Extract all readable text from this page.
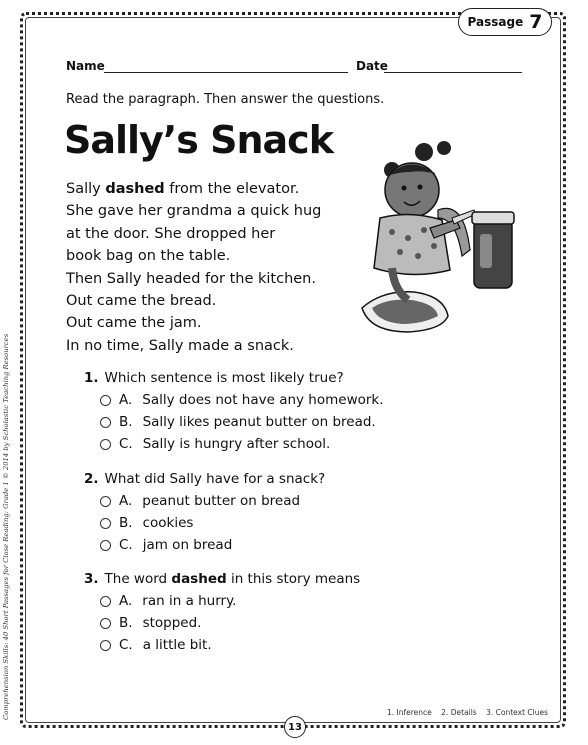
Passage 7
Name	Date
Read the paragraph. Then answer the questions.
Sally’s Snack
Sally dashed from the elevator.
She gave her grandma a quick hug
at the door. She dropped her
book bag on the table.
Then Sally headed for the kitchen.
Out came the bread.
Out came the jam.
In no time, Sally made a snack.
1. Which sentence is most likely true?
A. Sally does not have any homework.
B. Sally likes peanut butter on bread.
C. Sally is hungry after school.
2. What did Sally have for a snack?
A. peanut butter on bread
B. cookies
C. jam on bread
3. The word dashed in this story means
A. ran in a hurry.
B. stopped.
C. a little bit.
Comprehension Skills: 40 Short Passages for Close Reading: Grade 1 © 2014 by Scholastic Teaching Resources	1. Inference 2. Details 3. Context Clues
13
